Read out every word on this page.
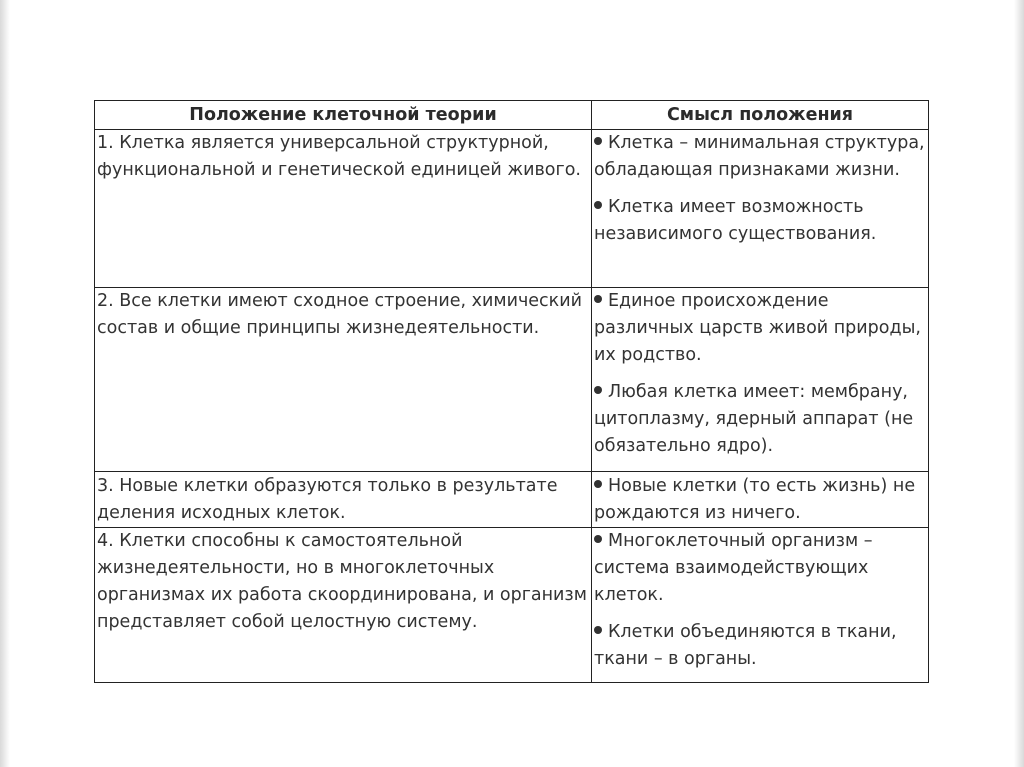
Положение клеточной теории	Смысл положения
1. Клетка является универсальной структурной, функциональной и генетической единицей живого.	Клетка – минимальная структура, обладающая признаками жизни.

Клетка имеет возможность независимого существования.

2. Все клетки имеют сходное строение, химический состав и общие принципы жизнедеятельности.	Единое происхождение различных царств живой природы, их родство.

Любая клетка имеет: мембрану, цитоплазму, ядерный аппарат (не обязательно ядро).

3. Новые клетки образуются только в результате деления исходных клеток.	Новые клетки (то есть жизнь) не рождаются из ничего.

4. Клетки способны к самостоятельной жизнедеятельности, но в многоклеточных организмах их работа скоординирована, и организм представляет собой целостную систему.	Многоклеточный организм – система взаимодействующих клеток.

Клетки объединяются в ткани, ткани – в органы.
